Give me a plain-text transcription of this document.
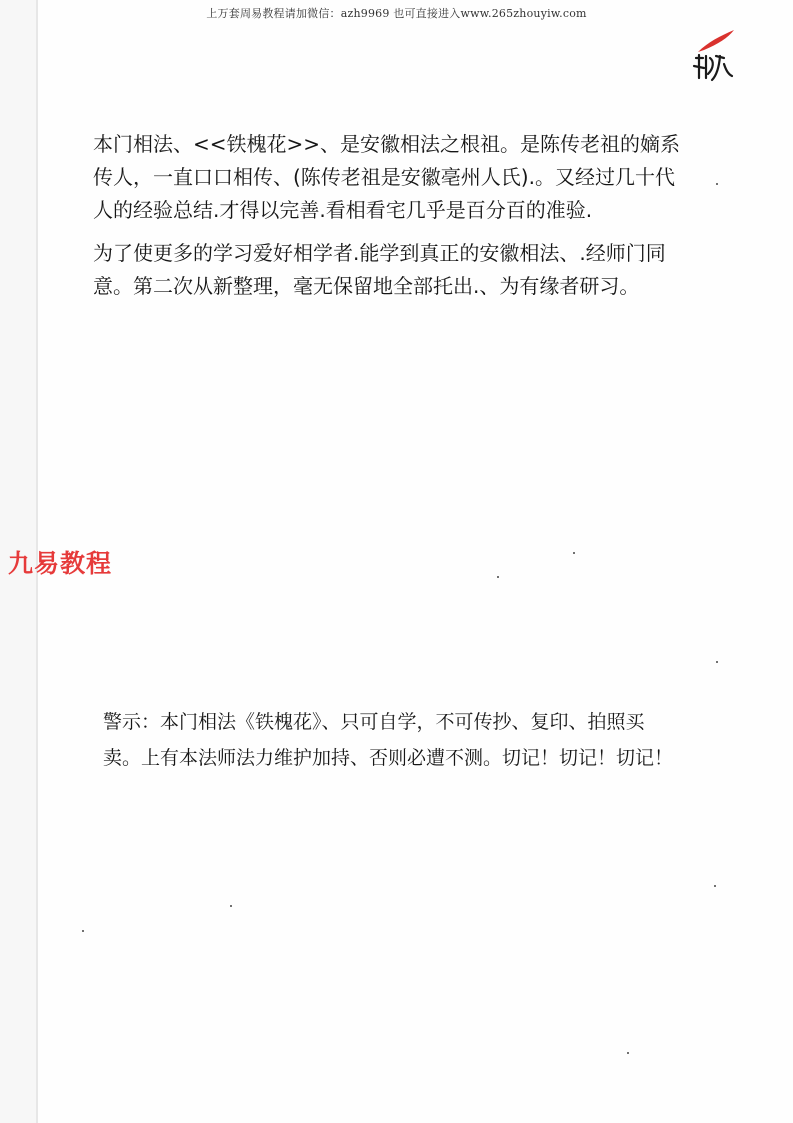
上万套周易教程请加微信：azh9969 也可直接进入www.265zhouyiw.com

本门相法、<<铁槐花>>、是安徽相法之根祖。是陈传老祖的嫡系传人，一直口口相传、(陈传老祖是安徽亳州人氏).。又经过几十代人的经验总结.才得以完善.看相看宅几乎是百分百的准验.

为了使更多的学习爱好相学者.能学到真正的安徽相法、.经师门同意。第二次从新整理，毫无保留地全部托出.、为有缘者研习。

九易教程
警示：本门相法《铁槐花》、只可自学，不可传抄、复印、拍照买卖。上有本法师法力维护加持、否则必遭不测。切记！切记！切记！
